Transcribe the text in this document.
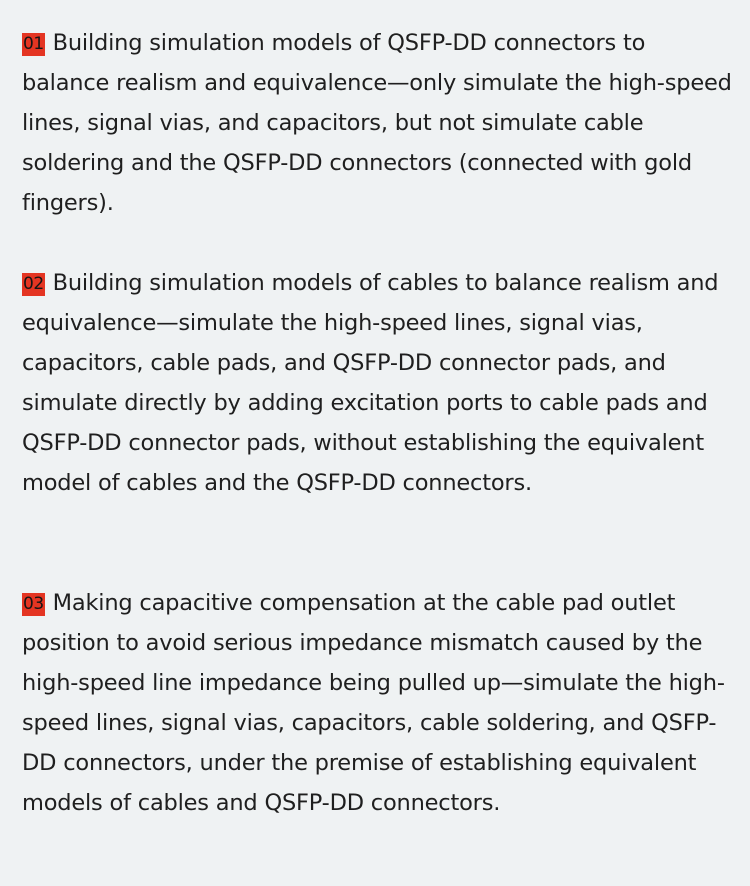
01 Building simulation models of QSFP-DD connectors to balance realism and equivalence—only simulate the high-speed lines, signal vias, and capacitors, but not simulate cable soldering and the QSFP-DD connectors (connected with gold fingers).

02 Building simulation models of cables to balance realism and equivalence—simulate the high-speed lines, signal vias, capacitors, cable pads, and QSFP-DD connector pads, and simulate directly by adding excitation ports to cable pads and QSFP-DD connector pads, without establishing the equivalent model of cables and the QSFP-DD connectors.

03 Making capacitive compensation at the cable pad outlet position to avoid serious impedance mismatch caused by the high-speed line impedance being pulled up—simulate the high-speed lines, signal vias, capacitors, cable soldering, and QSFP-DD connectors, under the premise of establishing equivalent models of cables and QSFP-DD connectors.
